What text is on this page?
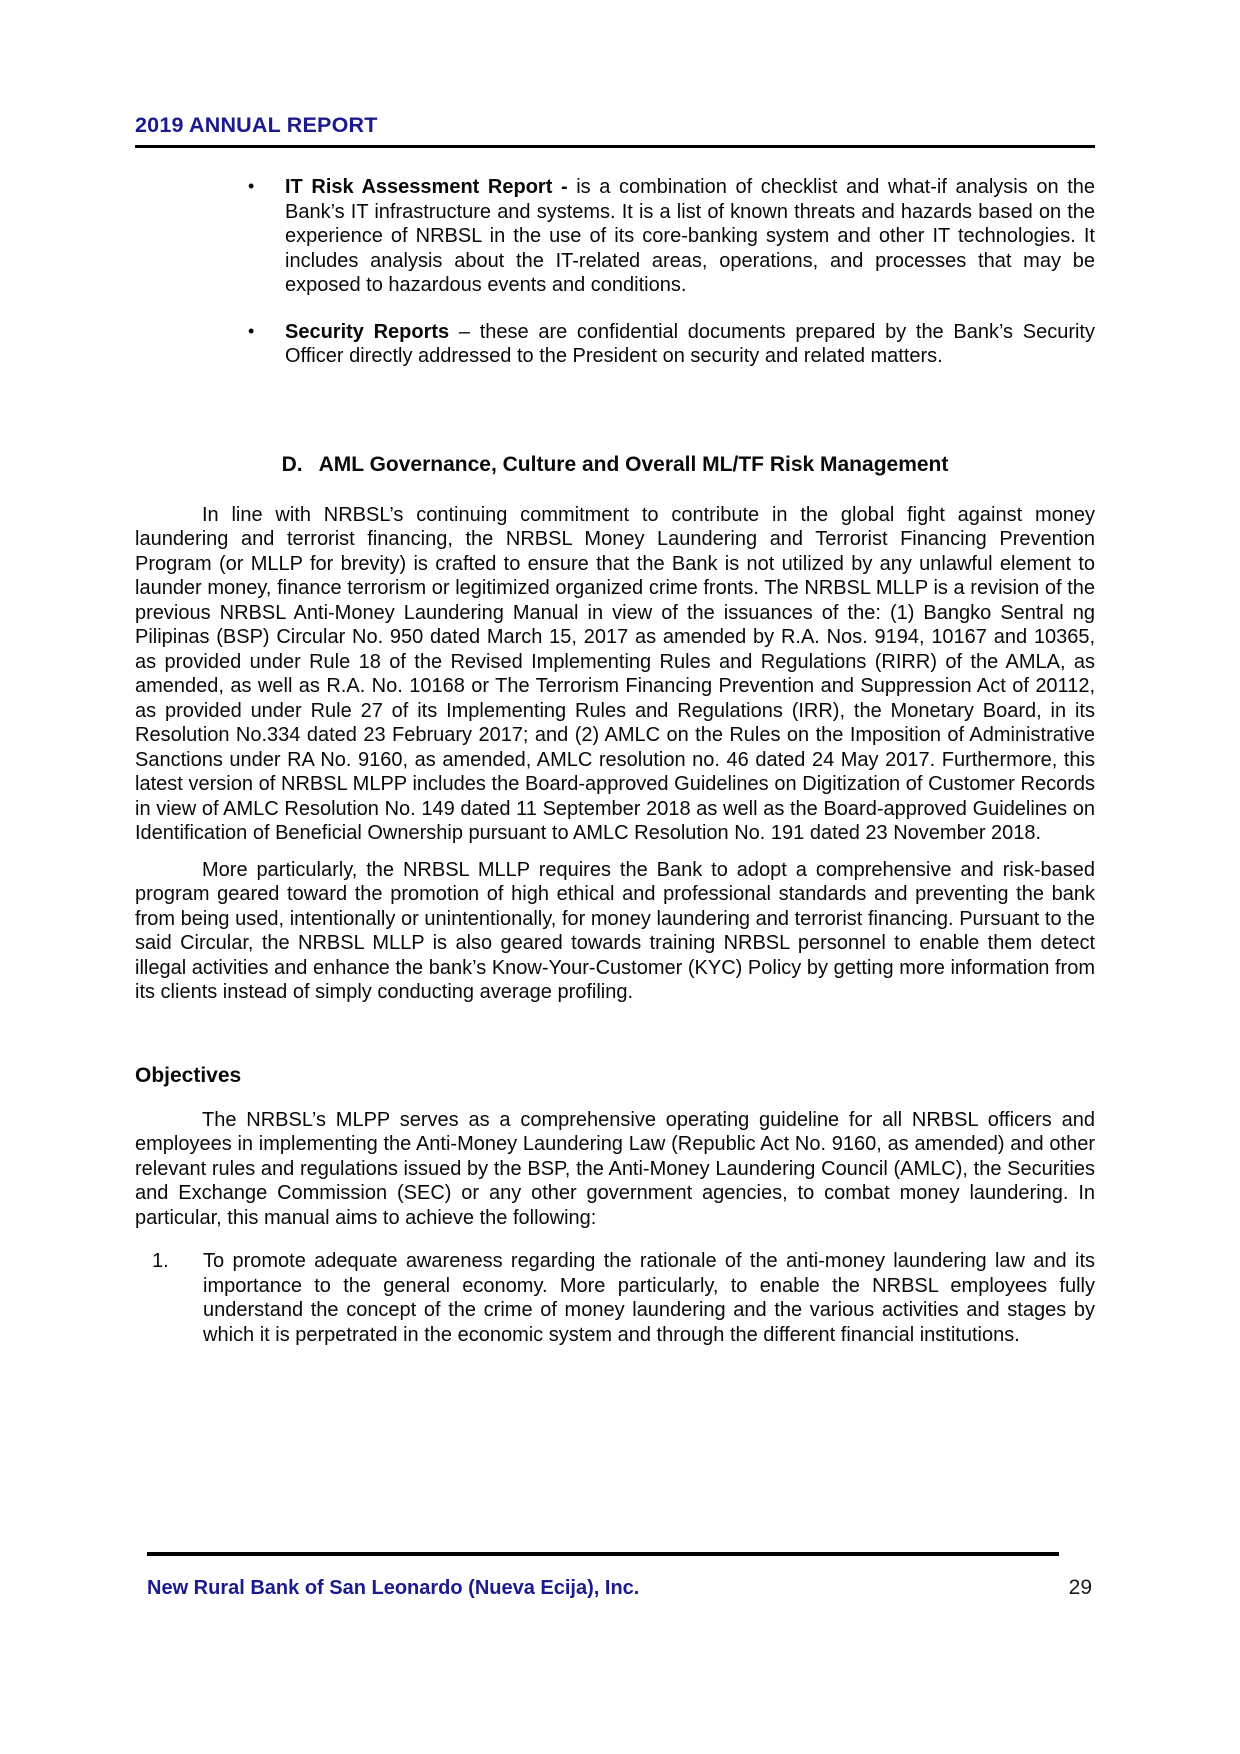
2019 ANNUAL REPORT
• IT Risk Assessment Report - is a combination of checklist and what-if analysis on the Bank’s IT infrastructure and systems. It is a list of known threats and hazards based on the experience of NRBSL in the use of its core-banking system and other IT technologies. It includes analysis about the IT-related areas, operations, and processes that may be exposed to hazardous events and conditions.
• Security Reports – these are confidential documents prepared by the Bank’s Security Officer directly addressed to the President on security and related matters.
D. AML Governance, Culture and Overall ML/TF Risk Management

In line with NRBSL’s continuing commitment to contribute in the global fight against money laundering and terrorist financing, the NRBSL Money Laundering and Terrorist Financing Prevention Program (or MLLP for brevity) is crafted to ensure that the Bank is not utilized by any unlawful element to launder money, finance terrorism or legitimized organized crime fronts. The NRBSL MLLP is a revision of the previous NRBSL Anti-Money Laundering Manual in view of the issuances of the: (1) Bangko Sentral ng Pilipinas (BSP) Circular No. 950 dated March 15, 2017 as amended by R.A. Nos. 9194, 10167 and 10365, as provided under Rule 18 of the Revised Implementing Rules and Regulations (RIRR) of the AMLA, as amended, as well as R.A. No. 10168 or The Terrorism Financing Prevention and Suppression Act of 20112, as provided under Rule 27 of its Implementing Rules and Regulations (IRR), the Monetary Board, in its Resolution No.334 dated 23 February 2017; and (2) AMLC on the Rules on the Imposition of Administrative Sanctions under RA No. 9160, as amended, AMLC resolution no. 46 dated 24 May 2017. Furthermore, this latest version of NRBSL MLPP includes the Board-approved Guidelines on Digitization of Customer Records in view of AMLC Resolution No. 149 dated 11 September 2018 as well as the Board-approved Guidelines on Identification of Beneficial Ownership pursuant to AMLC Resolution No. 191 dated 23 November 2018.

More particularly, the NRBSL MLLP requires the Bank to adopt a comprehensive and risk-based program geared toward the promotion of high ethical and professional standards and preventing the bank from being used, intentionally or unintentionally, for money laundering and terrorist financing. Pursuant to the said Circular, the NRBSL MLLP is also geared towards training NRBSL personnel to enable them detect illegal activities and enhance the bank’s Know-Your-Customer (KYC) Policy by getting more information from its clients instead of simply conducting average profiling.

Objectives

The NRBSL’s MLPP serves as a comprehensive operating guideline for all NRBSL officers and employees in implementing the Anti-Money Laundering Law (Republic Act No. 9160, as amended) and other relevant rules and regulations issued by the BSP, the Anti-Money Laundering Council (AMLC), the Securities and Exchange Commission (SEC) or any other government agencies, to combat money laundering. In particular, this manual aims to achieve the following:

1. To promote adequate awareness regarding the rationale of the anti-money laundering law and its importance to the general economy. More particularly, to enable the NRBSL employees fully understand the concept of the crime of money laundering and the various activities and stages by which it is perpetrated in the economic system and through the different financial institutions.
New Rural Bank of San Leonardo (Nueva Ecija), Inc.	29
